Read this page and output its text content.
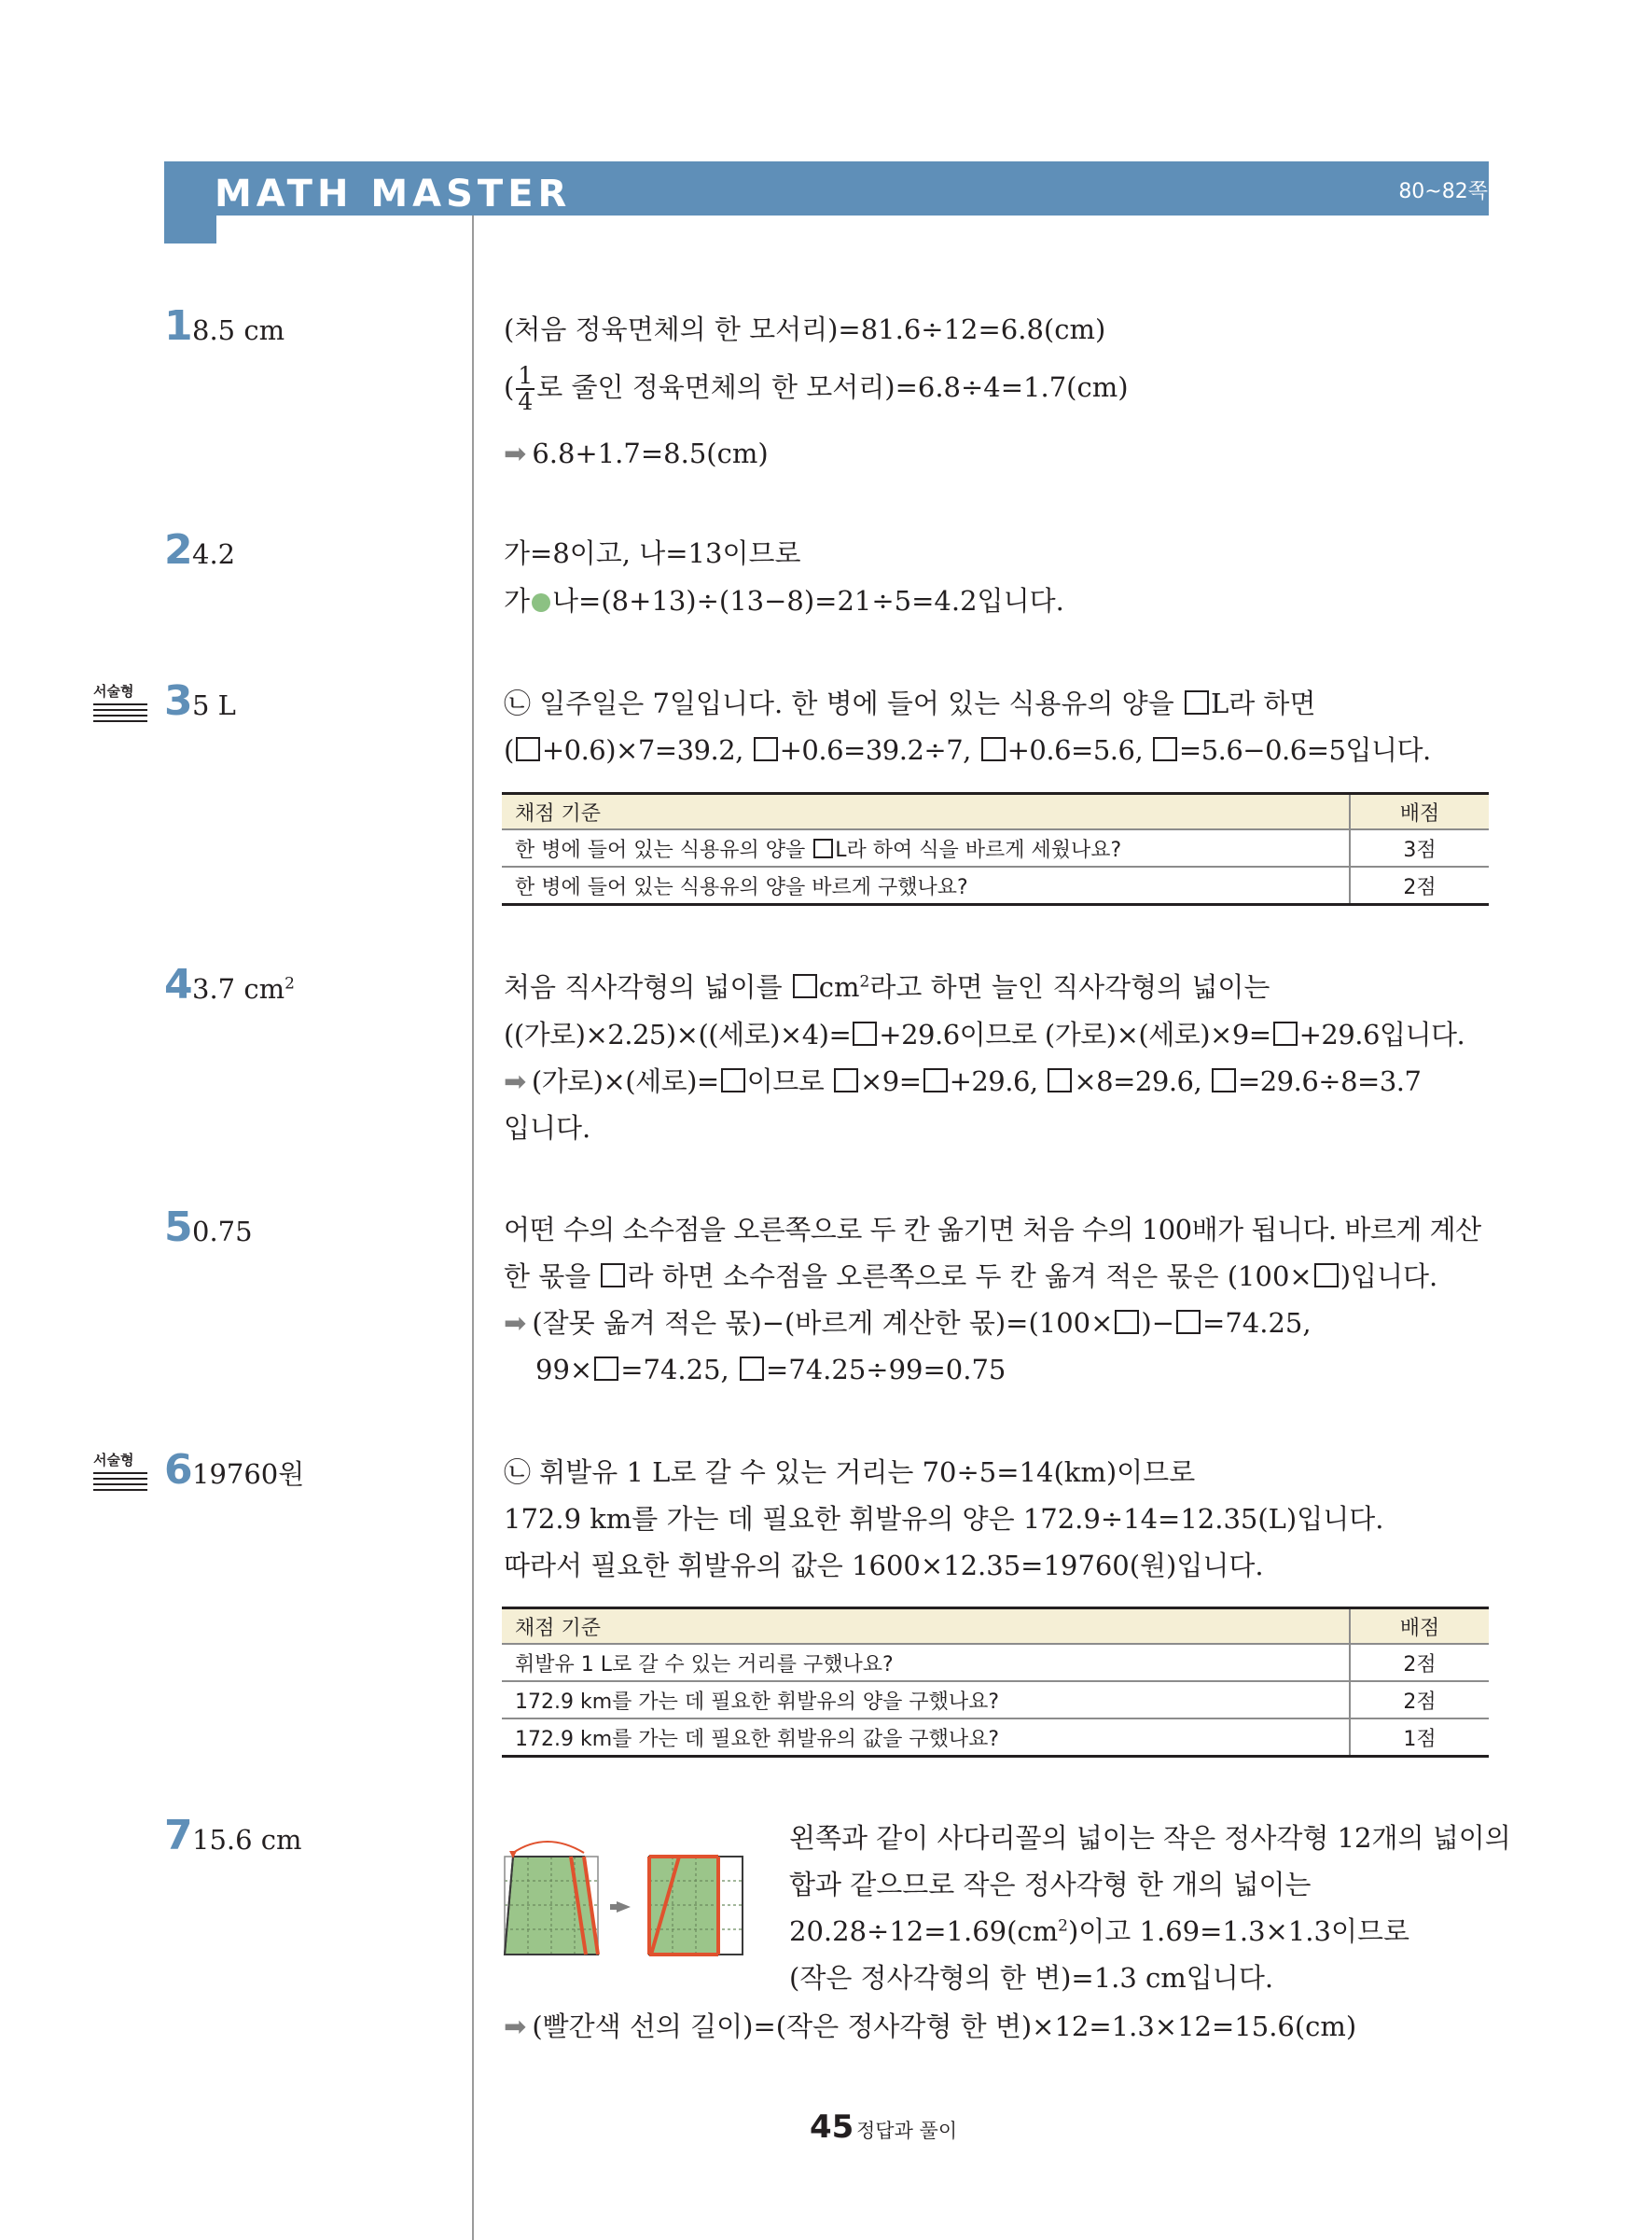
MATH MASTER	80~82쪽
1 8.5 cm	(처음 정육면체의 한 모서리)=81.6÷12=6.8(cm)
( $\frac{1}{4}$ 로 줄인 정육면체의 한 모서리)=6.8÷4=1.7(cm)
➡ 6.8+1.7=8.5(cm)
2 4.2	가=8이고, 나=13이므로
가 나=(8+13)÷(13−8)=21÷5=4.2입니다.
서술형 3 5 L	㉡ 일주일은 7일입니다. 한 병에 들어 있는 식용유의 양을 L라 하면
( +0.6)×7=39.2, +0.6=39.2÷7, +0.6=5.6, =5.6−0.6=5입니다.
채점 기준	배점
한 병에 들어 있는 식용유의 양을 L라 하여 식을 바르게 세웠나요?	3점
한 병에 들어 있는 식용유의 양을 바르게 구했나요?	2점
4 3.7 $cm^2$	처음 직사각형의 넓이를 $cm^2$라고 하면 늘인 직사각형의 넓이는
((가로)×2.25)×((세로)×4)= +29.6이므로 (가로)×(세로)×9= +29.6입니다.
➡ (가로)×(세로)= 이므로 ×9= +29.6, ×8=29.6, =29.6÷8=3.7
입니다.
5 0.75	어떤 수의 소수점을 오른쪽으로 두 칸 옮기면 처음 수의 100배가 됩니다. 바르게 계산
한 몫을 라 하면 소수점을 오른쪽으로 두 칸 옮겨 적은 몫은 (100× )입니다.
➡ (잘못 옮겨 적은 몫)−(바르게 계산한 몫)=(100× )− =74.25,
99× =74.25, =74.25÷99=0.75
서술형 6 19760원	㉡ 휘발유 1 L로 갈 수 있는 거리는 70÷5=14(km)이므로
172.9 km를 가는 데 필요한 휘발유의 양은 172.9÷14=12.35(L)입니다.
따라서 필요한 휘발유의 값은 1600×12.35=19760(원)입니다.
채점 기준	배점
휘발유 1 L로 갈 수 있는 거리를 구했나요?	2점
172.9 km를 가는 데 필요한 휘발유의 양을 구했나요?	2점
172.9 km를 가는 데 필요한 휘발유의 값을 구했나요?	1점
7 15.6 cm	왼쪽과 같이 사다리꼴의 넓이는 작은 정사각형 12개의 넓이의
합과 같으므로 작은 정사각형 한 개의 넓이는
$20.28\div 12=1.69(cm^2)$이고 1.69=1.3×1.3이므로
(작은 정사각형의 한 변)=1.3 cm입니다.
➡ (빨간색 선의 길이)=(작은 정사각형 한 변)×12=1.3×12=15.6(cm)
45 정답과 풀이
